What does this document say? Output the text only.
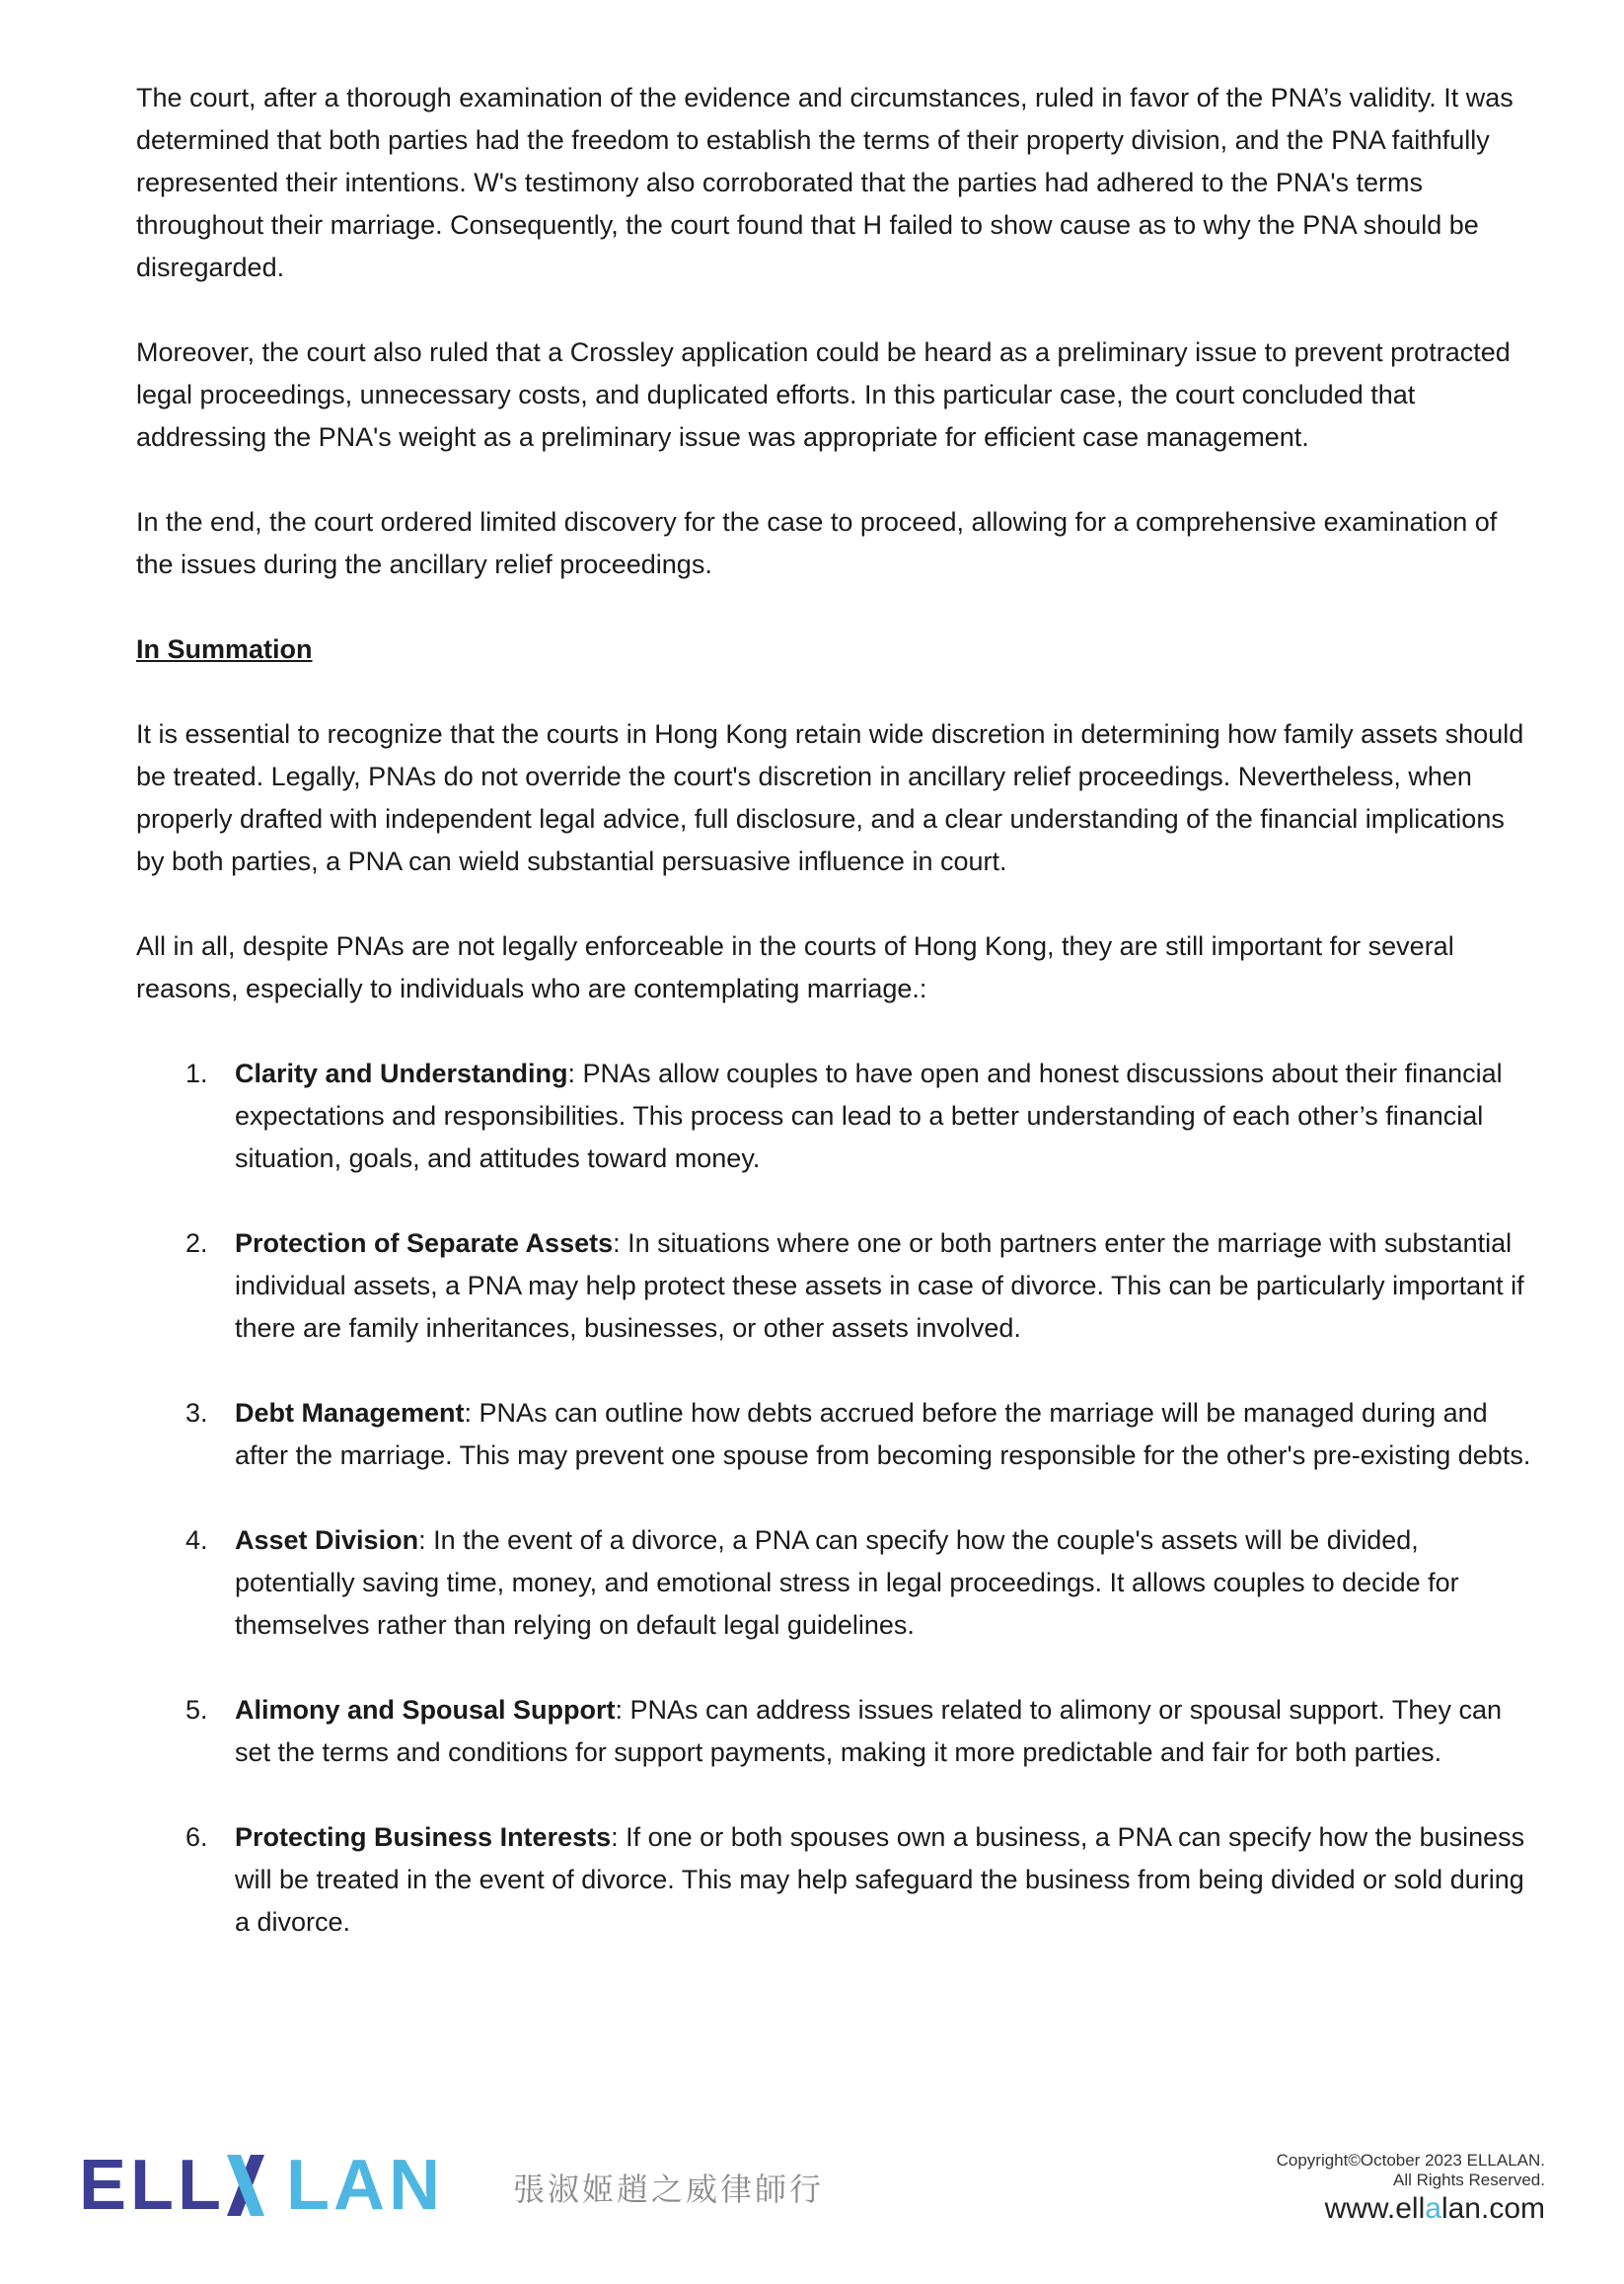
The court, after a thorough examination of the evidence and circumstances, ruled in favor of the PNA’s validity. It was determined that both parties had the freedom to establish the terms of their property division, and the PNA faithfully represented their intentions. W's testimony also corroborated that the parties had adhered to the PNA's terms throughout their marriage. Consequently, the court found that H failed to show cause as to why the PNA should be disregarded.

Moreover, the court also ruled that a Crossley application could be heard as a preliminary issue to prevent protracted legal proceedings, unnecessary costs, and duplicated efforts. In this particular case, the court concluded that addressing the PNA's weight as a preliminary issue was appropriate for efficient case management.

In the end, the court ordered limited discovery for the case to proceed, allowing for a comprehensive examination of the issues during the ancillary relief proceedings.

In Summation

It is essential to recognize that the courts in Hong Kong retain wide discretion in determining how family assets should be treated. Legally, PNAs do not override the court's discretion in ancillary relief proceedings. Nevertheless, when properly drafted with independent legal advice, full disclosure, and a clear understanding of the financial implications by both parties, a PNA can wield substantial persuasive influence in court.

All in all, despite PNAs are not legally enforceable in the courts of Hong Kong, they are still important for several reasons, especially to individuals who are contemplating marriage.:

1. Clarity and Understanding: PNAs allow couples to have open and honest discussions about their financial expectations and responsibilities. This process can lead to a better understanding of each other’s financial situation, goals, and attitudes toward money.
2. Protection of Separate Assets: In situations where one or both partners enter the marriage with substantial individual assets, a PNA may help protect these assets in case of divorce. This can be particularly important if there are family inheritances, businesses, or other assets involved.
3. Debt Management: PNAs can outline how debts accrued before the marriage will be managed during and after the marriage. This may prevent one spouse from becoming responsible for the other's pre-existing debts.
4. Asset Division: In the event of a divorce, a PNA can specify how the couple's assets will be divided, potentially saving time, money, and emotional stress in legal proceedings. It allows couples to decide for themselves rather than relying on default legal guidelines.
5. Alimony and Spousal Support: PNAs can address issues related to alimony or spousal support. They can set the terms and conditions for support payments, making it more predictable and fair for both parties.
6. Protecting Business Interests: If one or both spouses own a business, a PNA can specify how the business will be treated in the event of divorce. This may help safeguard the business from being divided or sold during a divorce.
ELL LAN 張淑姬趙之威律師行
Copyright©October 2023 ELLALAN.
All Rights Reserved.
www.ellalan.com
